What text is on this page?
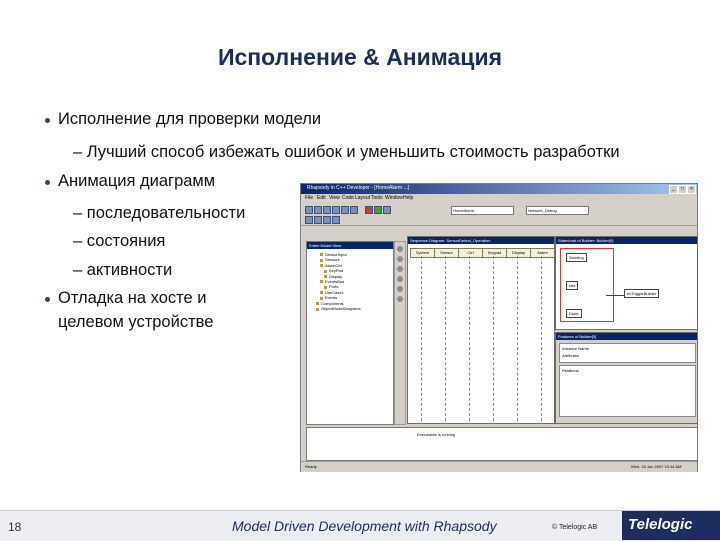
Исполнение & Анимация
Исполнение для проверки модели
– Лучший способ избежать ошибок и уменьшить стоимость разработки
Анимация диаграмм
– последовательности
– состояния
– активности
Отладка на хосте и
целевом устройстве
Rhapsody in C++ Developer - [HomeAlarm ...]	_	□	×
File Edit View Code Layout Tools Window Help
HomeAlarm	Network_Debug
Entire Model View
SensorInput
Sensors
AlarmCtrl
KeyPad
Display
EventsBus
Ports
UseCases
Events
Components
ObjectModelDiagrams
Sequence Diagram: SensorDetect_Operation
System	Sensor	Ctrl	Keypad	Display	Alarm
Statechart of Builder: Builder[0]
Sending
Idle
Done
evTriggerBuilder
Features of Builder[0]
Instance Name
Attributes
Relations
Executable is running
Ready	Wed, 15 Jun 2007 10:14 AM
18	Model Driven Development with Rhapsody	© Telelogic AB Telelogic
